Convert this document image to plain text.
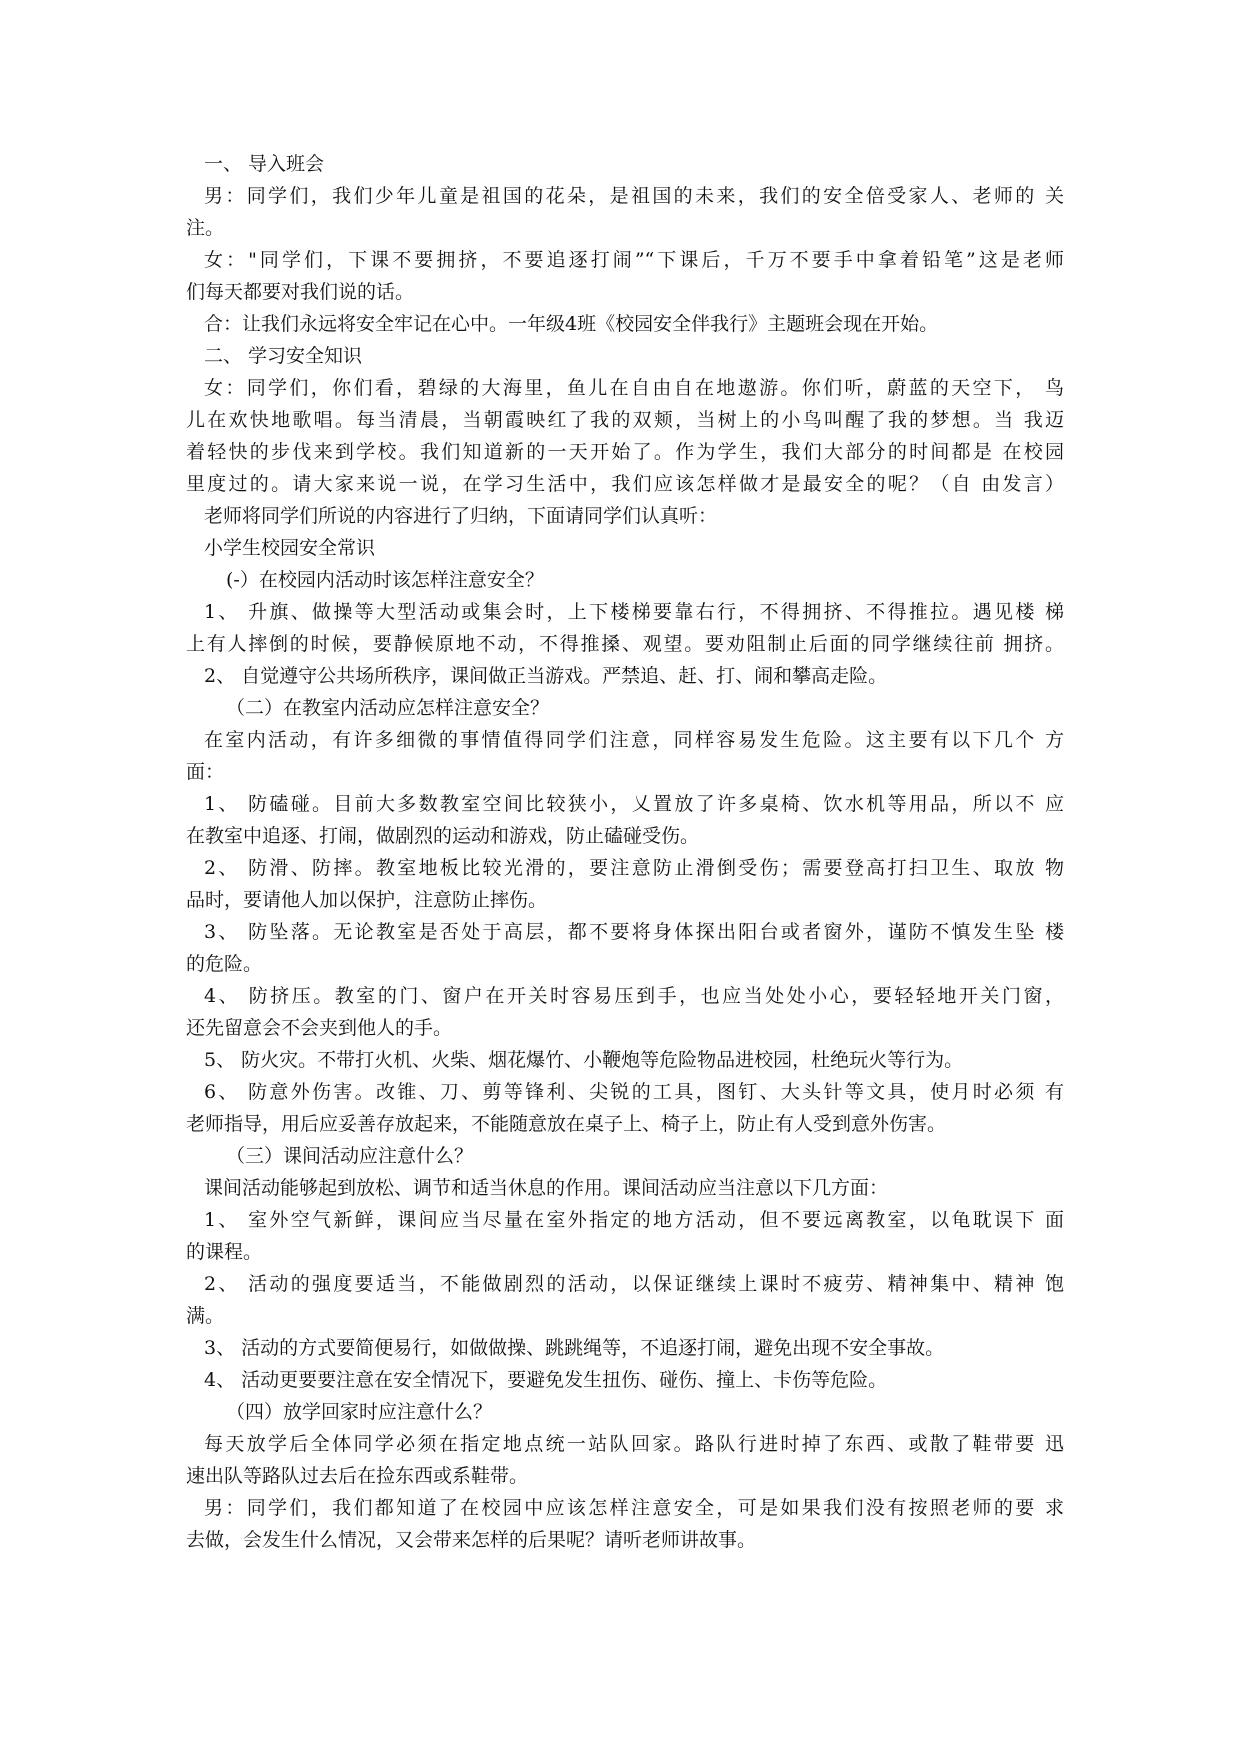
一、 导入班会
男：同学们，我们少年儿童是祖国的花朵，是祖国的未来，我们的安全倍受家人、老师的 关
注。
女："同学们，下课不要拥挤，不要追逐打闹”“下课后，千万不要手中拿着铅笔”这是老师
们每天都要对我们说的话。
合：让我们永远将安全牢记在心中。一年级4班《校园安全伴我行》主题班会现在开始。
二、 学习安全知识
女：同学们，你们看，碧绿的大海里，鱼儿在自由自在地遨游。你们听，蔚蓝的天空下， 鸟
儿在欢快地歌唱。每当清晨，当朝霞映红了我的双颊，当树上的小鸟叫醒了我的梦想。当 我迈
着轻快的步伐来到学校。我们知道新的一天开始了。作为学生，我们大部分的时间都是 在校园
里度过的。请大家来说一说，在学习生活中，我们应该怎样做才是最安全的呢？（自 由发言）
老师将同学们所说的内容进行了归纳，下面请同学们认真听：
小学生校园安全常识
(-）在校园内活动时该怎样注意安全？
1、 升旗、做操等大型活动或集会时，上下楼梯要靠右行，不得拥挤、不得推拉。遇见楼 梯
上有人摔倒的时候，要静候原地不动，不得推搡、观望。要劝阻制止后面的同学继续往前 拥挤。
2、 自觉遵守公共场所秩序，课间做正当游戏。严禁追、赶、打、闹和攀高走险。
（二）在教室内活动应怎样注意安全？
在室内活动，有许多细微的事情值得同学们注意，同样容易发生危险。这主要有以下几个 方
面：
1、 防磕碰。目前大多数教室空间比较狭小，乂置放了许多桌椅、饮水机等用品，所以不 应
在教室中追逐、打闹，做剧烈的运动和游戏，防止磕碰受伤。
2、 防滑、防摔。教室地板比较光滑的，要注意防止滑倒受伤；需要登高打扫卫生、取放 物
品时，要请他人加以保护，注意防止摔伤。
3、 防坠落。无论教室是否处于高层，都不要将身体探出阳台或者窗外，谨防不慎发生坠 楼
的危险。
4、 防挤压。教室的门、窗户在开关时容易压到手，也应当处处小心，要轻轻地开关门窗，
还先留意会不会夹到他人的手。
5、 防火灾。不带打火机、火柴、烟花爆竹、小鞭炮等危险物品进校园，杜绝玩火等行为。
6、 防意外伤害。改锥、刀、剪等锋利、尖锐的工具，图钉、大头针等文具，使月时必须 有
老师指导，用后应妥善存放起来，不能随意放在桌子上、椅子上，防止有人受到意外伤害。
（三）课间活动应注意什么？
课间活动能够起到放松、调节和适当休息的作用。课间活动应当注意以下几方面：
1、 室外空气新鲜，课间应当尽量在室外指定的地方活动，但不要远离教室，以龟耽误下 面
的课程。
2、 活动的强度要适当，不能做剧烈的活动，以保证继续上课时不疲劳、精神集中、精神 饱
满。
3、 活动的方式要简便易行，如做做操、跳跳绳等，不追逐打闹，避免出现不安全事故。
4、 活动更要要注意在安全情况下，要避免发生扭伤、碰伤、撞上、卡伤等危险。
（四）放学回家时应注意什么？
每天放学后全体同学必须在指定地点统一站队回家。路队行进时掉了东西、或散了鞋带要 迅
速出队等路队过去后在捡东西或系鞋带。
男：同学们，我们都知道了在校园中应该怎样注意安全，可是如果我们没有按照老师的要 求
去做，会发生什么情况，又会带来怎样的后果呢？请听老师讲故事。
